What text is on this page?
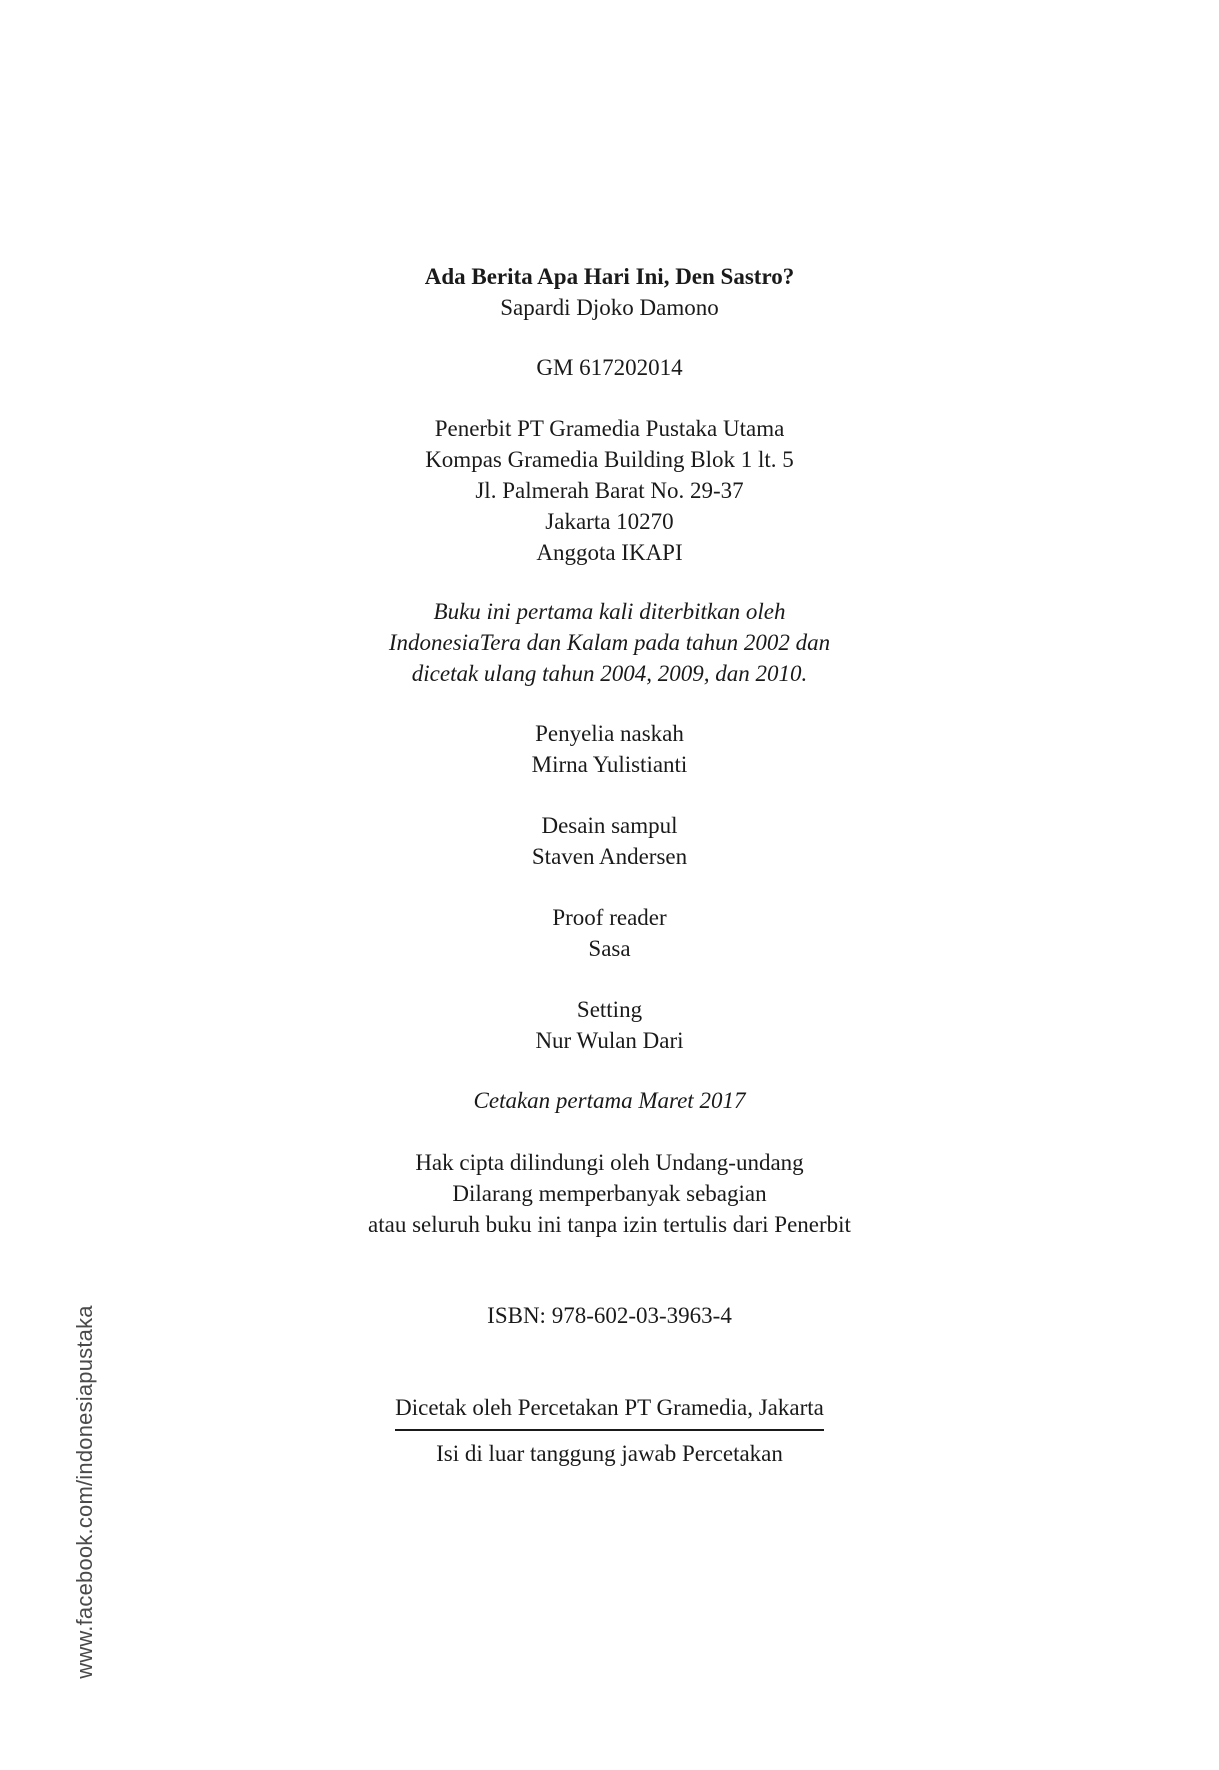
Ada Berita Apa Hari Ini, Den Sastro?
Sapardi Djoko Damono
GM 617202014
Penerbit PT Gramedia Pustaka Utama
Kompas Gramedia Building Blok 1 lt. 5
Jl. Palmerah Barat No. 29-37
Jakarta 10270
Anggota IKAPI
Buku ini pertama kali diterbitkan oleh
IndonesiaTera dan Kalam pada tahun 2002 dan
dicetak ulang tahun 2004, 2009, dan 2010.
Penyelia naskah
Mirna Yulistianti
Desain sampul
Staven Andersen
Proof reader
Sasa
Setting
Nur Wulan Dari
Cetakan pertama Maret 2017
Hak cipta dilindungi oleh Undang-undang
Dilarang memperbanyak sebagian
atau seluruh buku ini tanpa izin tertulis dari Penerbit
ISBN: 978-602-03-3963-4
Dicetak oleh Percetakan PT Gramedia, Jakarta
Isi di luar tanggung jawab Percetakan
www.facebook.com/indonesiapustaka
